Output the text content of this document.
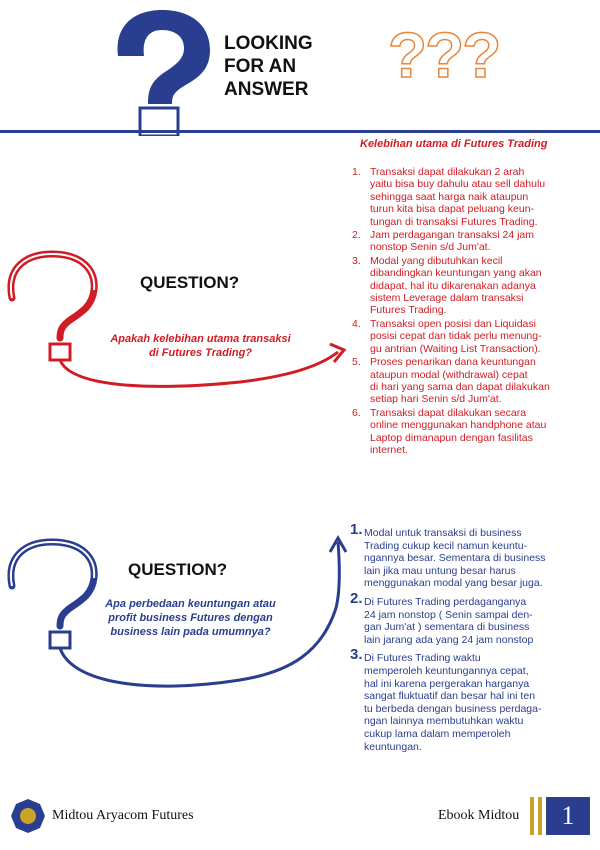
LOOKING
FOR AN
ANSWER	???
Kelebihan utama di Futures Trading
QUESTION?
Apakah kelebihan utama transaksi di Futures Trading?
1. Transaksi dapat dilakukan 2 arah
yaitu bisa buy dahulu atau sell dahulu
sehingga saat harga naik ataupun
turun kita bisa dapat peluang keun-
tungan di transaksi Futures Trading.
2. Jam perdagangan transaksi 24 jam
nonstop Senin s/d Jum'at.
3. Modal yang dibutuhkan kecil
dibandingkan keuntungan yang akan
didapat, hal itu dikarenakan adanya
sistem Leverage dalam transaksi
Futures Trading.
4. Transaksi open posisi dan Liquidasi
posisi cepat dan tidak perlu menung-
gu antrian (Waiting List Transaction).
5. Proses penarikan dana keuntungan
ataupun modal (withdrawal) cepat
di hari yang sama dan dapat dilakukan
setiap hari Senin s/d Jum'at.
6. Transaksi dapat dilakukan secara
online menggunakan handphone atau
Laptop dimanapun dengan fasilitas
internet.
QUESTION?
Apa perbedaan keuntungan atau profit business Futures dengan business lain pada umumnya?
1. Modal untuk transaksi di business
Trading cukup kecil namun keuntu-
ngannya besar. Sementara di business
lain jika mau untung besar harus
menggunakan modal yang besar juga.
2. Di Futures Trading perdaganganya
24 jam nonstop ( Senin sampai den-
gan Jum'at ) sementara di business
lain jarang ada yang 24 jam nonstop
3. Di Futures Trading waktu
memperoleh keuntungannya cepat,
hal ini karena pergerakan harganya
sangat fluktuatif dan besar hal ini ten
tu berbeda dengan business perdaga-
ngan lainnya membutuhkan waktu
cukup lama dalam memperoleh
keuntungan.
Midtou Aryacom Futures	Ebook Midtou	1
